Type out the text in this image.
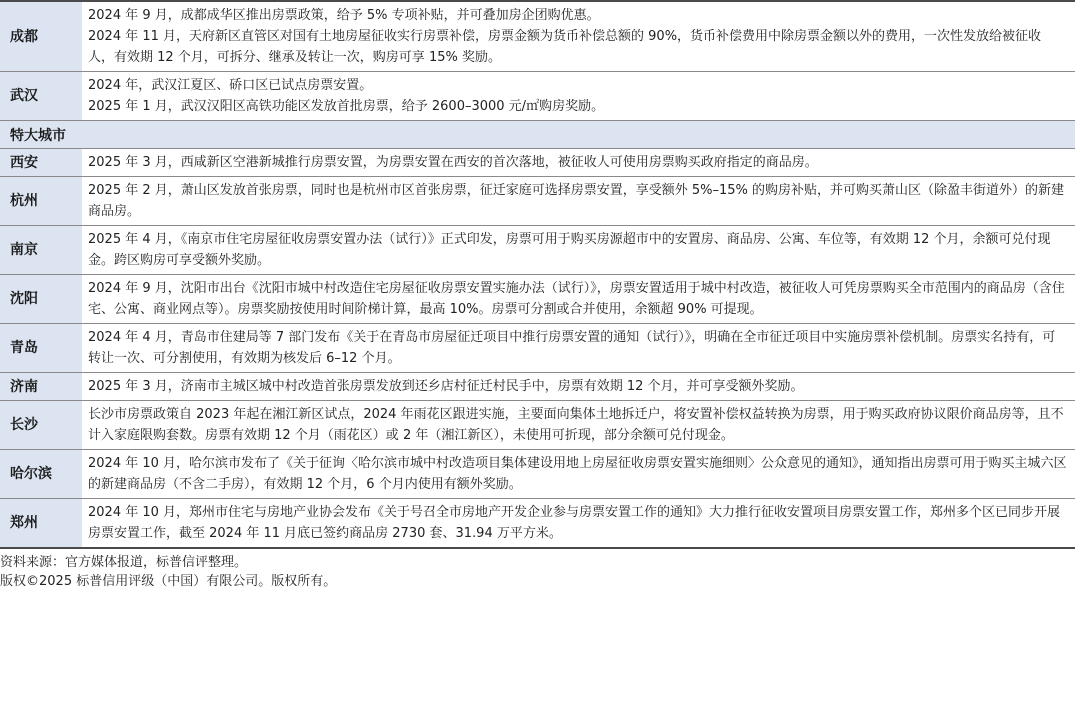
成都

2024 年 9 月，成都成华区推出房票政策，给予 5% 专项补贴，并可叠加房企团购优惠。

2024 年 11 月，天府新区直管区对国有土地房屋征收实行房票补偿，房票金额为货币补偿总额的 90%，货币补偿费用中除房票金额以外的费用，一次性发放给被征收人，有效期 12 个月，可拆分、继承及转让一次，购房可享 15% 奖励。

武汉

2024 年，武汉江夏区、硚口区已试点房票安置。

2025 年 1 月，武汉汉阳区高铁功能区发放首批房票，给予 2600–3000 元/㎡购房奖励。

特大城市
西安	2025 年 3 月，西咸新区空港新城推行房票安置，为房票安置在西安的首次落地，被征收人可使用房票购买政府指定的商品房。

杭州

2025 年 2 月，萧山区发放首张房票，同时也是杭州市区首张房票，征迁家庭可选择房票安置，享受额外 5%–15% 的购房补贴，并可购买萧山区（除盈丰街道外）的新建商品房。

南京

2025 年 4 月，《南京市住宅房屋征收房票安置办法（试行）》正式印发，房票可用于购买房源超市中的安置房、商品房、公寓、车位等，有效期 12 个月，余额可兑付现金。跨区购房可享受额外奖励。

沈阳

2024 年 9 月，沈阳市出台《沈阳市城中村改造住宅房屋征收房票安置实施办法（试行）》，房票安置适用于城中村改造，被征收人可凭房票购买全市范围内的商品房（含住宅、公寓、商业网点等）。房票奖励按使用时间阶梯计算，最高 10%。房票可分割或合并使用，余额超 90% 可提现。

青岛

2024 年 4 月，青岛市住建局等 7 部门发布《关于在青岛市房屋征迁项目中推行房票安置的通知（试行）》，明确在全市征迁项目中实施房票补偿机制。房票实名持有，可转让一次、可分割使用，有效期为核发后 6–12 个月。

济南	2025 年 3 月，济南市主城区城中村改造首张房票发放到还乡店村征迁村民手中，房票有效期 12 个月，并可享受额外奖励。

长沙

长沙市房票政策自 2023 年起在湘江新区试点，2024 年雨花区跟进实施，主要面向集体土地拆迁户，将安置补偿权益转换为房票，用于购买政府协议限价商品房等，且不计入家庭限购套数。房票有效期 12 个月（雨花区）或 2 年（湘江新区），未使用可折现，部分余额可兑付现金。

哈尔滨

2024 年 10 月，哈尔滨市发布了《关于征询〈哈尔滨市城中村改造项目集体建设用地上房屋征收房票安置实施细则〉公众意见的通知》，通知指出房票可用于购买主城六区的新建商品房（不含二手房），有效期 12 个月，6 个月内使用有额外奖励。

郑州

2024 年 10 月，郑州市住宅与房地产业协会发布《关于号召全市房地产开发企业参与房票安置工作的通知》大力推行征收安置项目房票安置工作，郑州多个区已同步开展房票安置工作，截至 2024 年 11 月底已签约商品房 2730 套、31.94 万平方米。

资料来源：官方媒体报道，标普信评整理。
版权©2025 标普信用评级（中国）有限公司。版权所有。
